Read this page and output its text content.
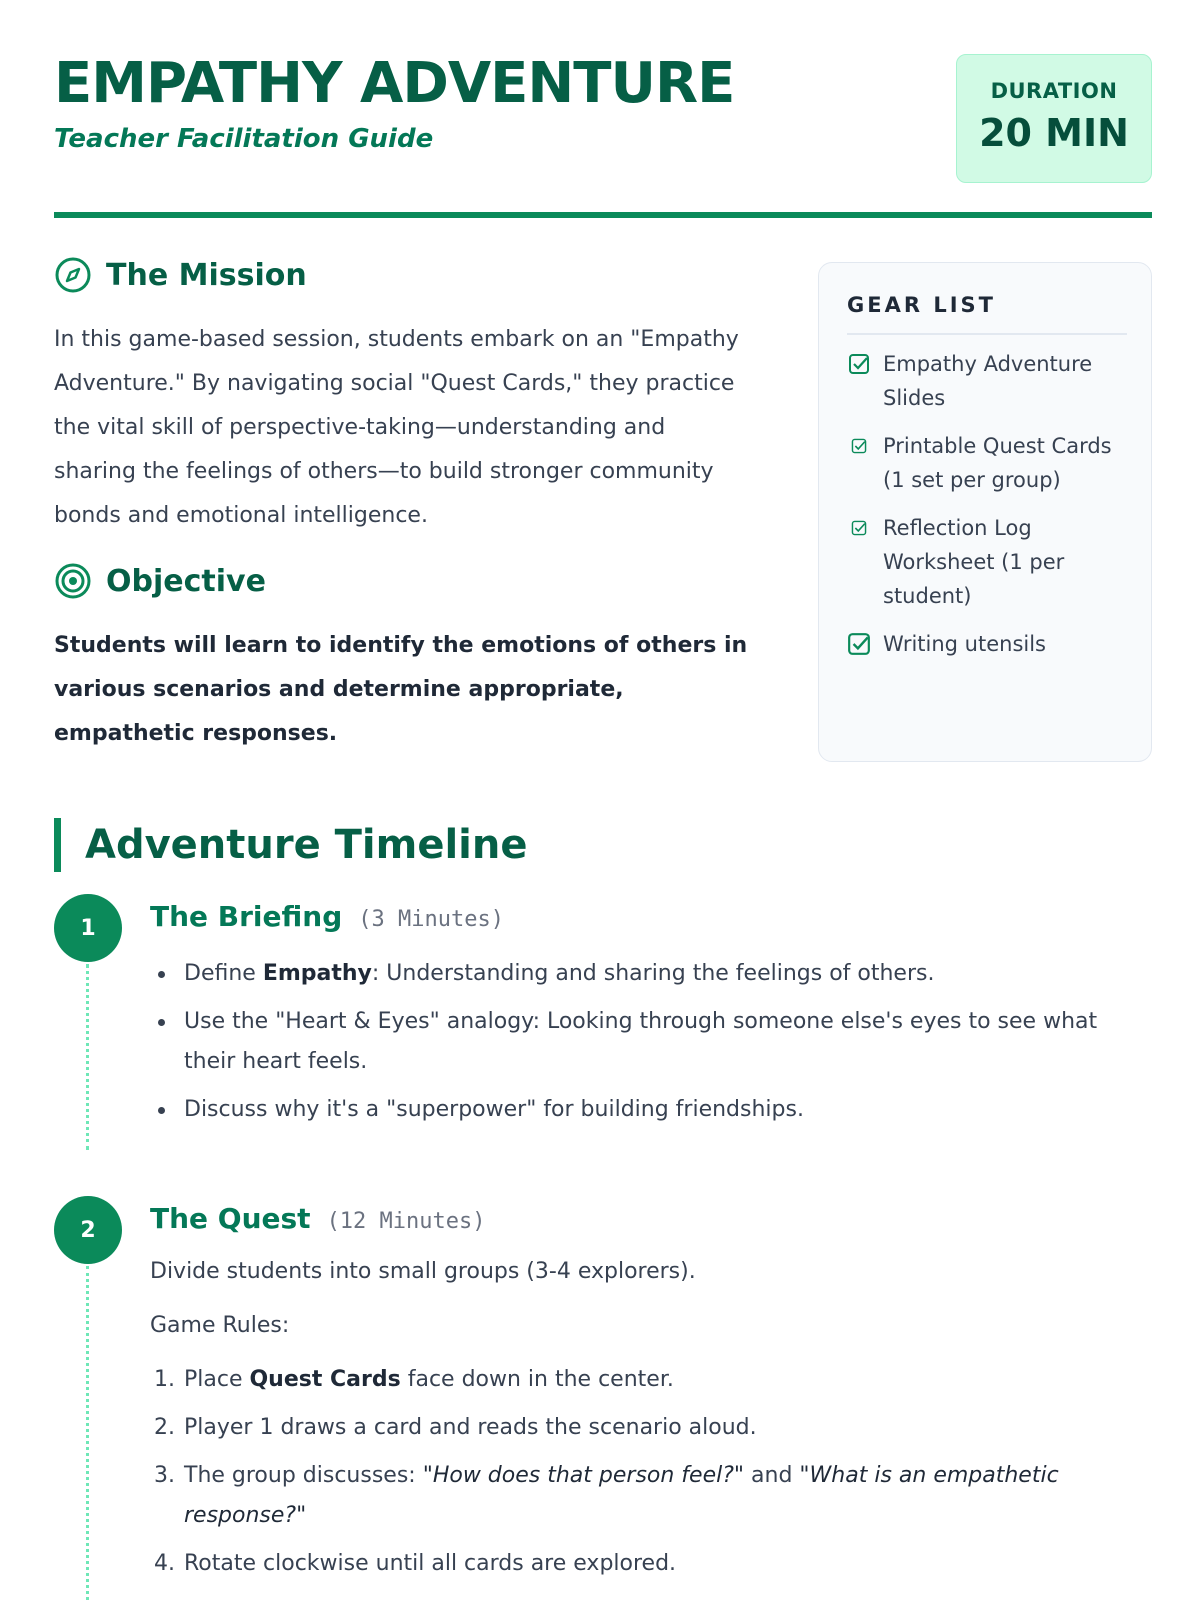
EMPATHY ADVENTURE
Teacher Facilitation Guide
DURATION
20 MIN
The Mission
In this game-based session, students embark on an "Empathy Adventure." By navigating social "Quest Cards," they practice the vital skill of perspective-taking—understanding and sharing the feelings of others—to build stronger community bonds and emotional intelligence.
Objective
Students will learn to identify the emotions of others in various scenarios and determine appropriate, empathetic responses.
GEAR LIST
Empathy Adventure Slides
Printable Quest Cards (1 set per group)
Reflection Log Worksheet (1 per student)
Writing utensils
Adventure Timeline
1	The Briefing (3 Minutes)
Define Empathy: Understanding and sharing the feelings of others.
Use the "Heart & Eyes" analogy: Looking through someone else's eyes to see what their heart feels.
Discuss why it's a "superpower" for building friendships.
2	The Quest (12 Minutes)
Divide students into small groups (3-4 explorers).
Game Rules:
1. Place Quest Cards face down in the center.
2. Player 1 draws a card and reads the scenario aloud.
3. The group discusses: "How does that person feel?" and "What is an empathetic response?"
4. Rotate clockwise until all cards are explored.
